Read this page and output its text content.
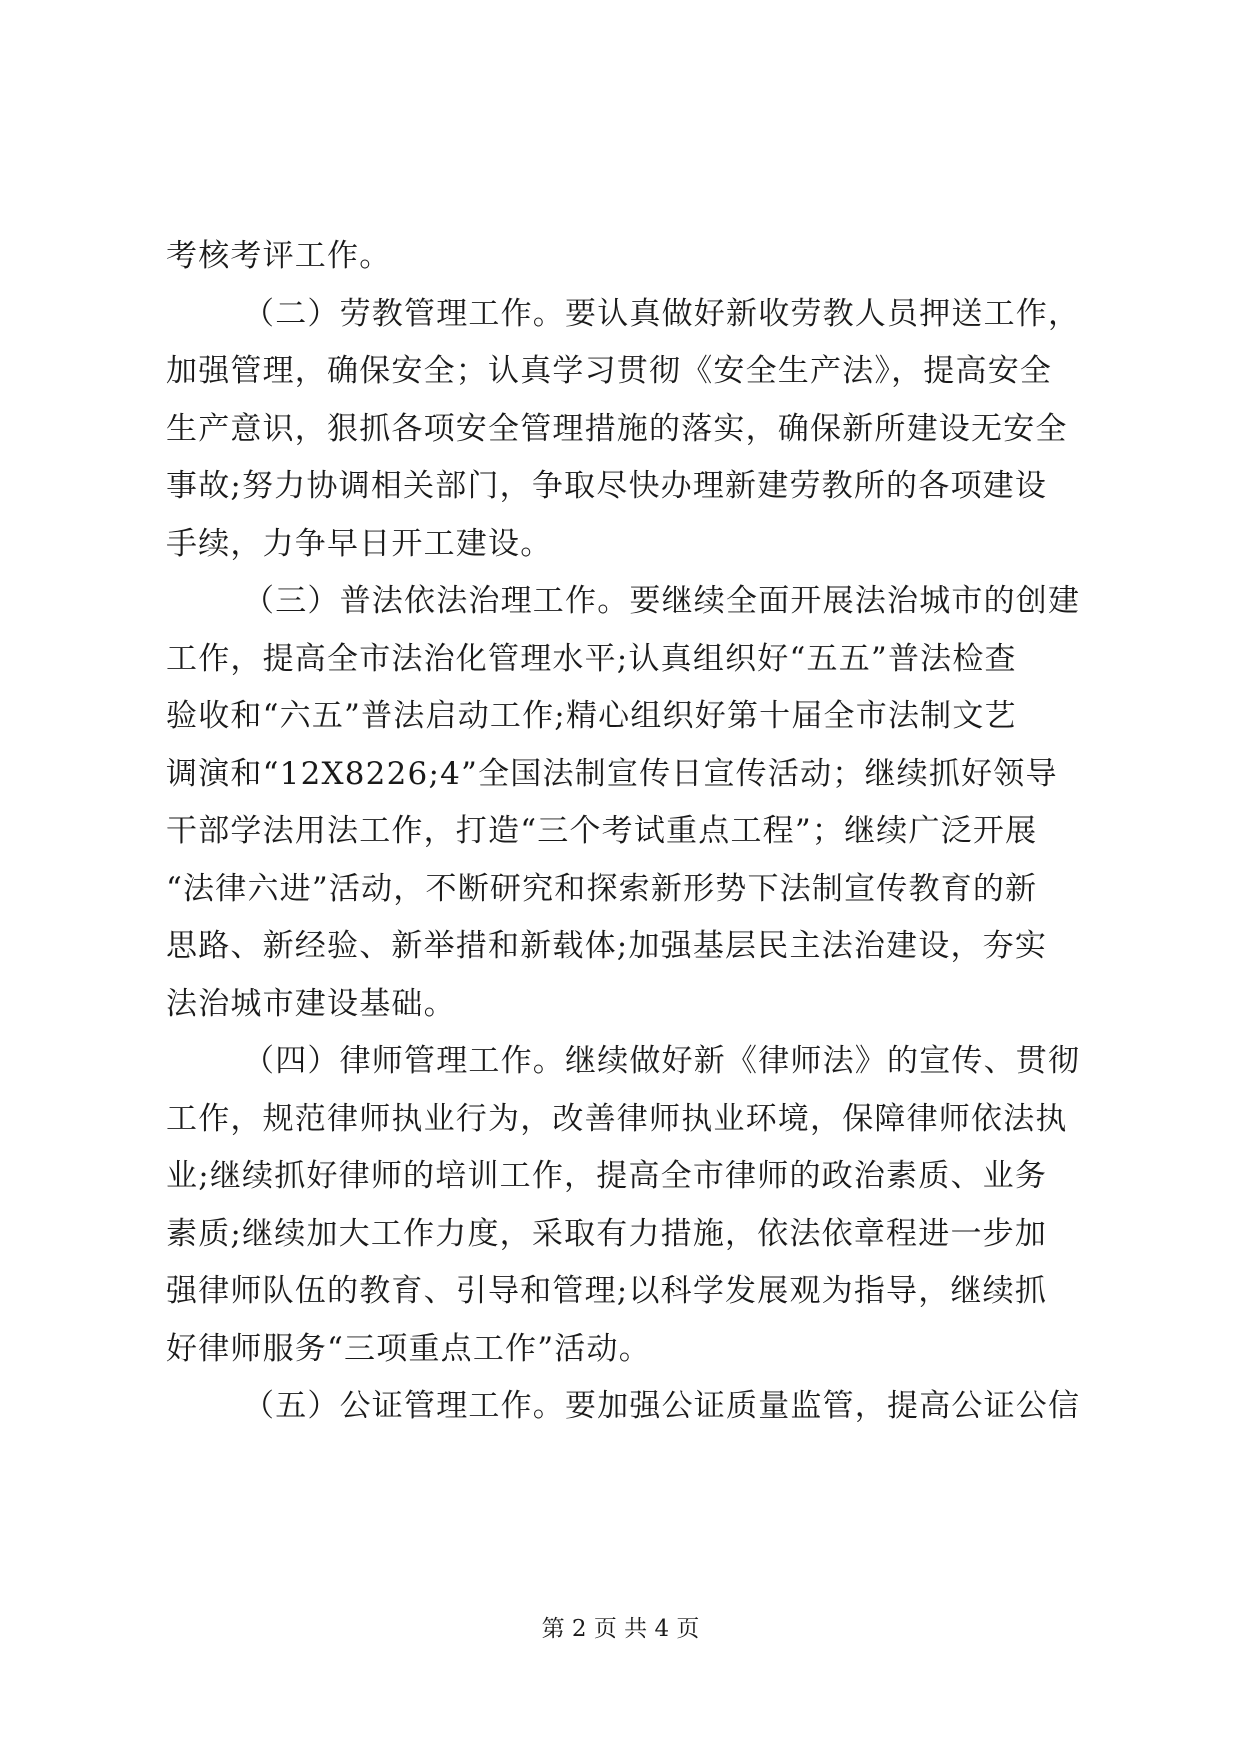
考核考评工作。
（二）劳教管理工作。要认真做好新收劳教人员押送工作，
加强管理，确保安全；认真学习贯彻《安全生产法》，提高安全
生产意识，狠抓各项安全管理措施的落实，确保新所建设无安全
事故;努力协调相关部门，争取尽快办理新建劳教所的各项建设
手续，力争早日开工建设。
（三）普法依法治理工作。要继续全面开展法治城市的创建
工作，提高全市法治化管理水平;认真组织好“五五”普法检查
验收和“六五”普法启动工作;精心组织好第十届全市法制文艺
调演和“12X8226;4”全国法制宣传日宣传活动；继续抓好领导
干部学法用法工作，打造“三个考试重点工程”；继续广泛开展
“法律六进”活动，不断研究和探索新形势下法制宣传教育的新
思路、新经验、新举措和新载体;加强基层民主法治建设，夯实
法治城市建设基础。
（四）律师管理工作。继续做好新《律师法》的宣传、贯彻
工作，规范律师执业行为，改善律师执业环境，保障律师依法执
业;继续抓好律师的培训工作，提高全市律师的政治素质、业务
素质;继续加大工作力度，采取有力措施，依法依章程进一步加
强律师队伍的教育、引导和管理;以科学发展观为指导，继续抓
好律师服务“三项重点工作”活动。
（五）公证管理工作。要加强公证质量监管，提高公证公信
第 2 页 共 4 页
